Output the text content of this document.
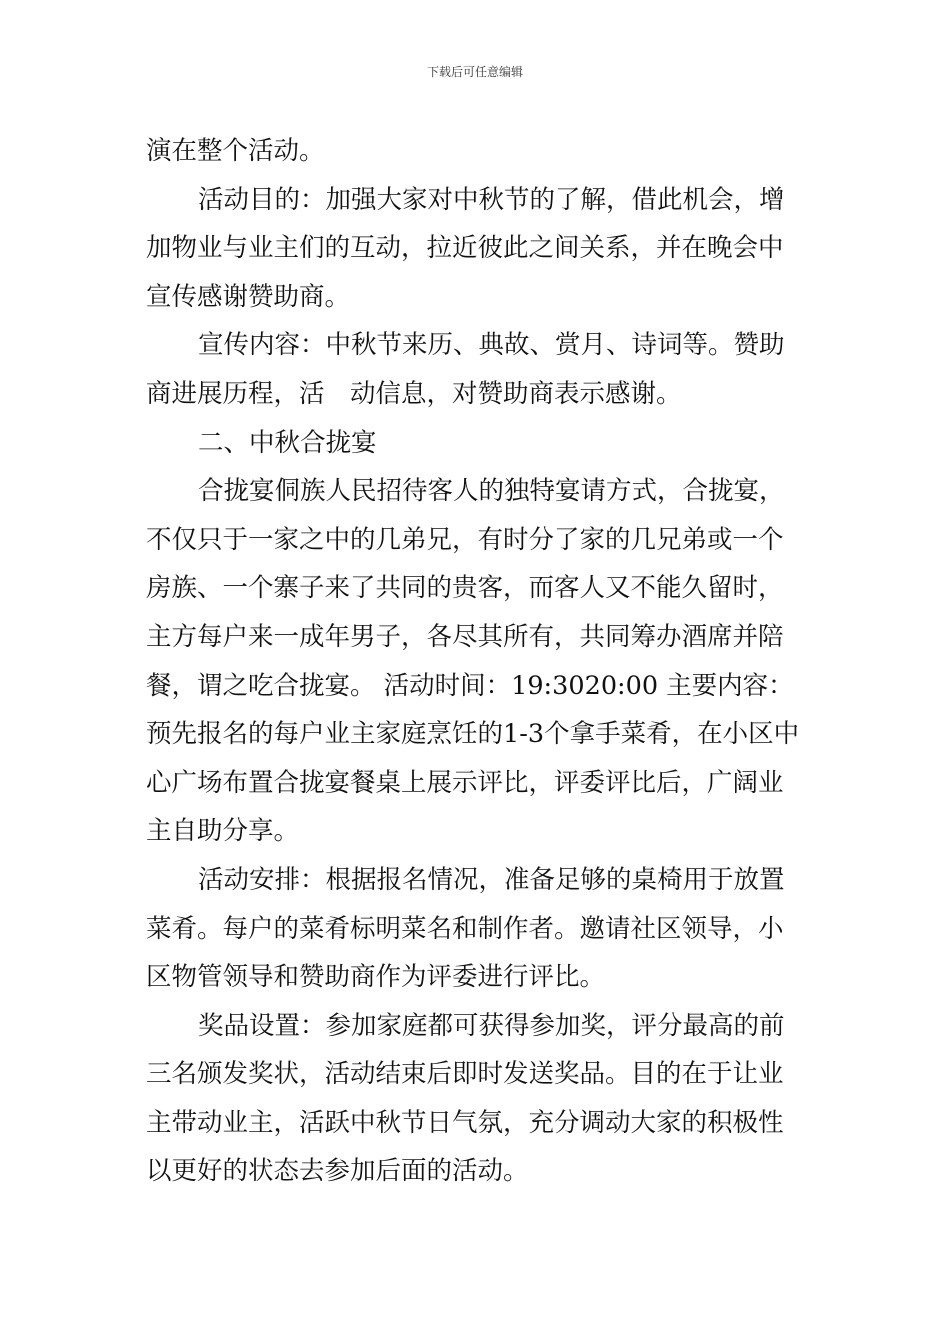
下载后可任意编辑
演在整个活动。
活动目的：加强大家对中秋节的了解，借此机会，增
加物业与业主们的互动，拉近彼此之间关系，并在晚会中
宣传感谢赞助商。
宣传内容：中秋节来历、典故、赏月、诗词等。赞助
商进展历程，活　动信息，对赞助商表示感谢。
二、中秋合拢宴
合拢宴侗族人民招待客人的独特宴请方式，合拢宴，
不仅只于一家之中的几弟兄，有时分了家的几兄弟或一个
房族、一个寨子来了共同的贵客，而客人又不能久留时，
主方每户来一成年男子，各尽其所有，共同筹办酒席并陪
餐，谓之吃合拢宴。 活动时间：19:3020:00 主要内容：
预先报名的每户业主家庭烹饪的1-3个拿手菜肴，在小区中
心广场布置合拢宴餐桌上展示评比，评委评比后，广阔业
主自助分享。
活动安排：根据报名情况，准备足够的桌椅用于放置
菜肴。每户的菜肴标明菜名和制作者。邀请社区领导，小
区物管领导和赞助商作为评委进行评比。
奖品设置：参加家庭都可获得参加奖，评分最高的前
三名颁发奖状，活动结束后即时发送奖品。目的在于让业
主带动业主，活跃中秋节日气氛，充分调动大家的积极性
以更好的状态去参加后面的活动。
